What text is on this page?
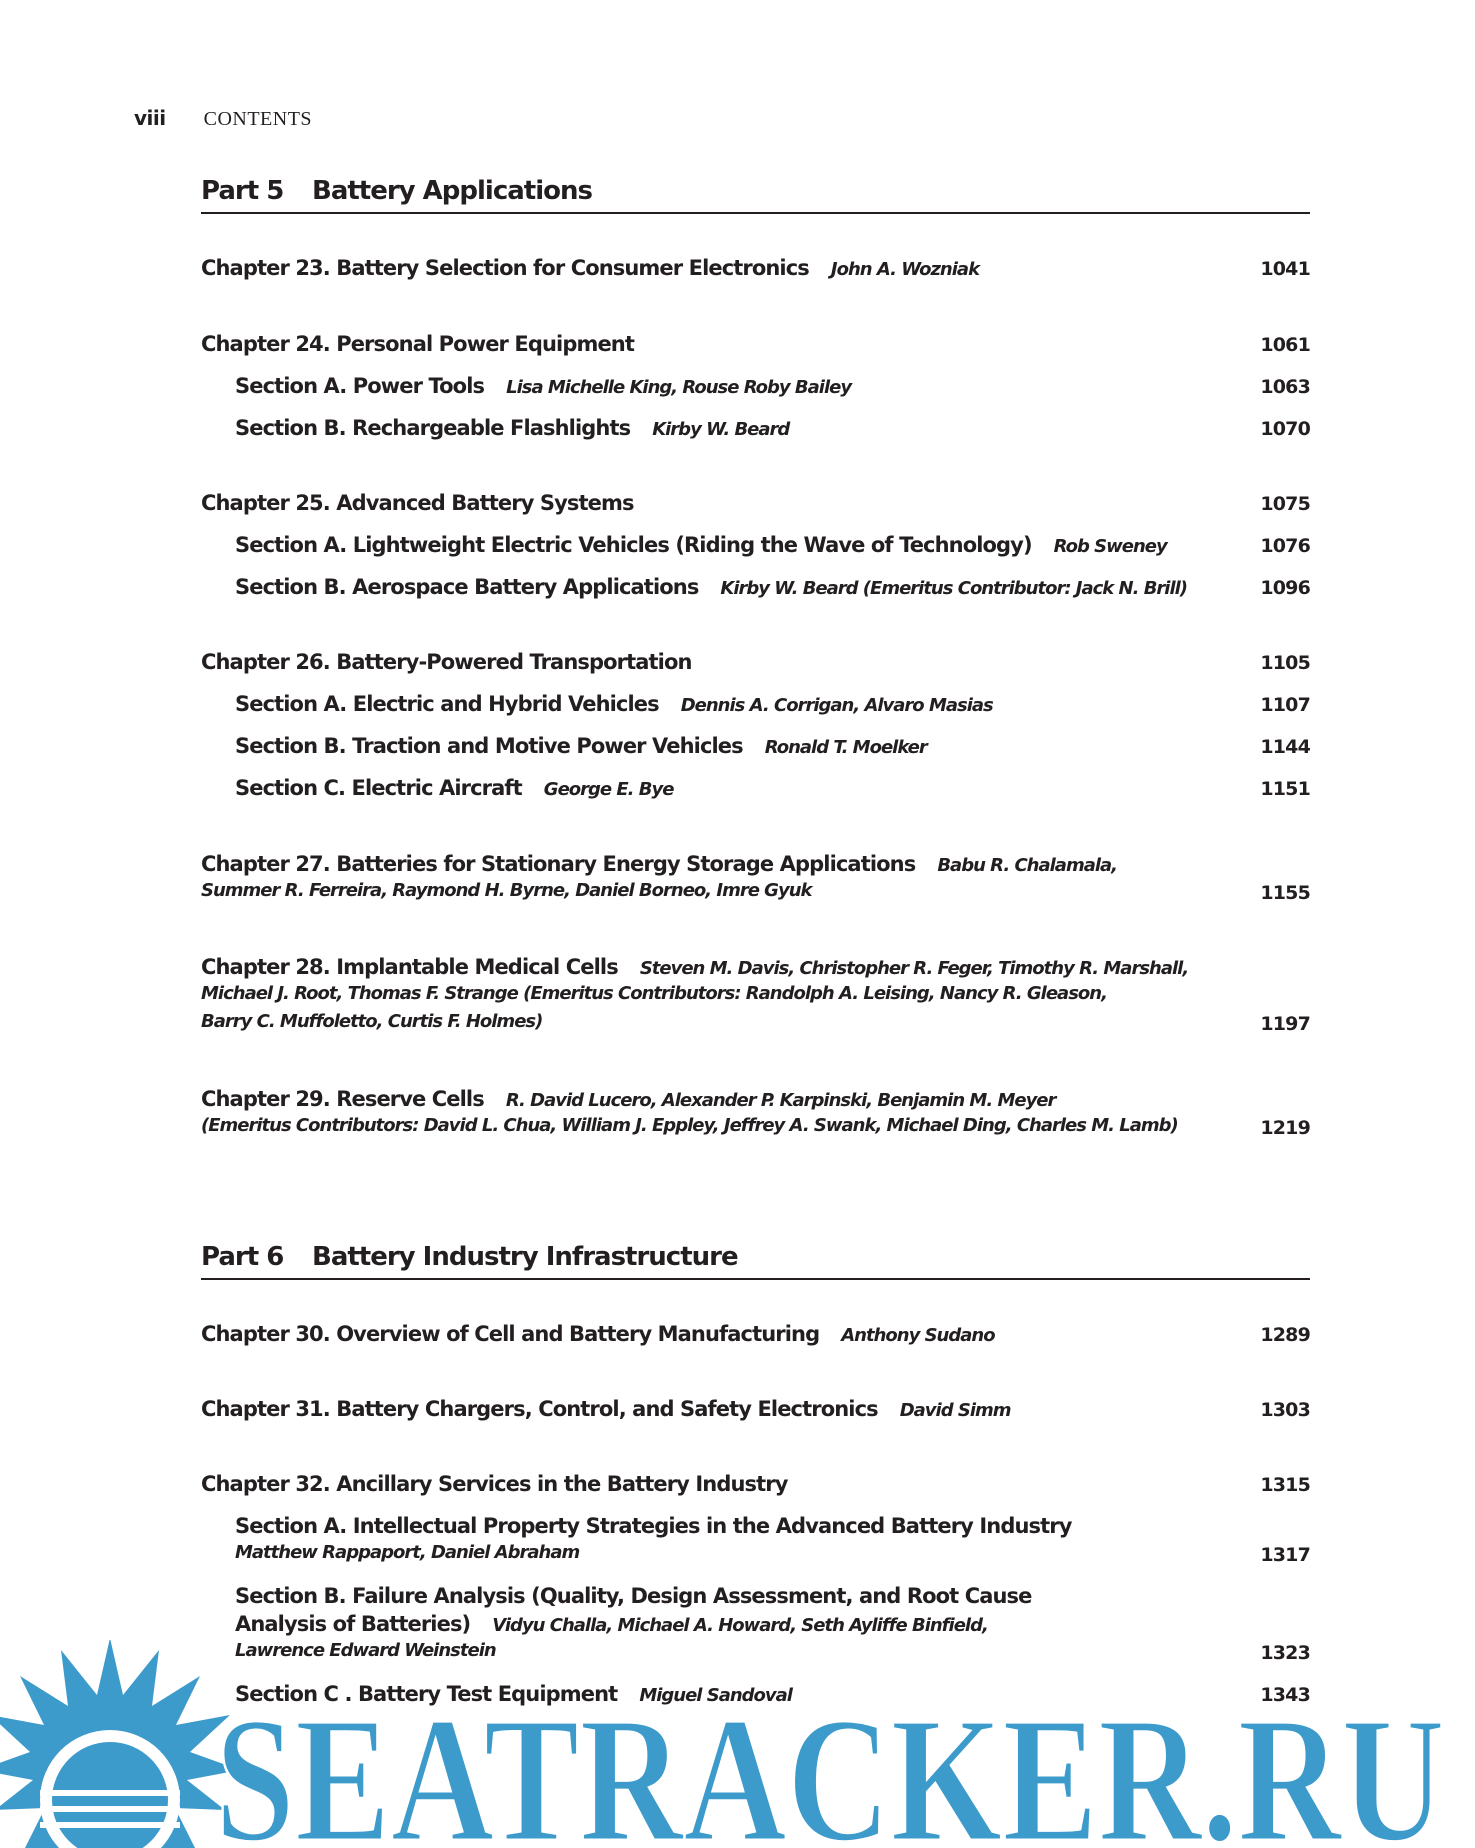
viii CONTENTS
Part 5 Battery Applications
Chapter 23. Battery Selection for Consumer Electronics John A. Wozniak	1041
Chapter 24. Personal Power Equipment	1061
Section A. Power Tools Lisa Michelle King, Rouse Roby Bailey	1063
Section B. Rechargeable Flashlights Kirby W. Beard	1070
Chapter 25. Advanced Battery Systems	1075
Section A. Lightweight Electric Vehicles (Riding the Wave of Technology) Rob Sweney	1076
Section B. Aerospace Battery Applications Kirby W. Beard (Emeritus Contributor: Jack N. Brill)	1096
Chapter 26. Battery-Powered Transportation	1105
Section A. Electric and Hybrid Vehicles Dennis A. Corrigan, Alvaro Masias	1107
Section B. Traction and Motive Power Vehicles Ronald T. Moelker	1144
Section C. Electric Aircraft George E. Bye	1151
Chapter 27. Batteries for Stationary Energy Storage Applications Babu R. Chalamala,
Summer R. Ferreira, Raymond H. Byrne, Daniel Borneo, Imre Gyuk	1155
Chapter 28. Implantable Medical Cells Steven M. Davis, Christopher R. Feger, Timothy R. Marshall,
Michael J. Root, Thomas F. Strange (Emeritus Contributors: Randolph A. Leising, Nancy R. Gleason,
Barry C. Muffoletto, Curtis F. Holmes)	1197
Chapter 29. Reserve Cells R. David Lucero, Alexander P. Karpinski, Benjamin M. Meyer
(Emeritus Contributors: David L. Chua, William J. Eppley, Jeffrey A. Swank, Michael Ding, Charles M. Lamb)	1219
Part 6 Battery Industry Infrastructure
Chapter 30. Overview of Cell and Battery Manufacturing Anthony Sudano	1289
Chapter 31. Battery Chargers, Control, and Safety Electronics David Simm	1303
Chapter 32. Ancillary Services in the Battery Industry	1315
Section A. Intellectual Property Strategies in the Advanced Battery Industry
Matthew Rappaport, Daniel Abraham	1317
Section B. Failure Analysis (Quality, Design Assessment, and Root Cause
Analysis of Batteries) Vidyu Challa, Michael A. Howard, Seth Ayliffe Binfield,
Lawrence Edward Weinstein	1323
Section C . Battery Test Equipment Miguel Sandoval	1343
SEATRACKER.RU
